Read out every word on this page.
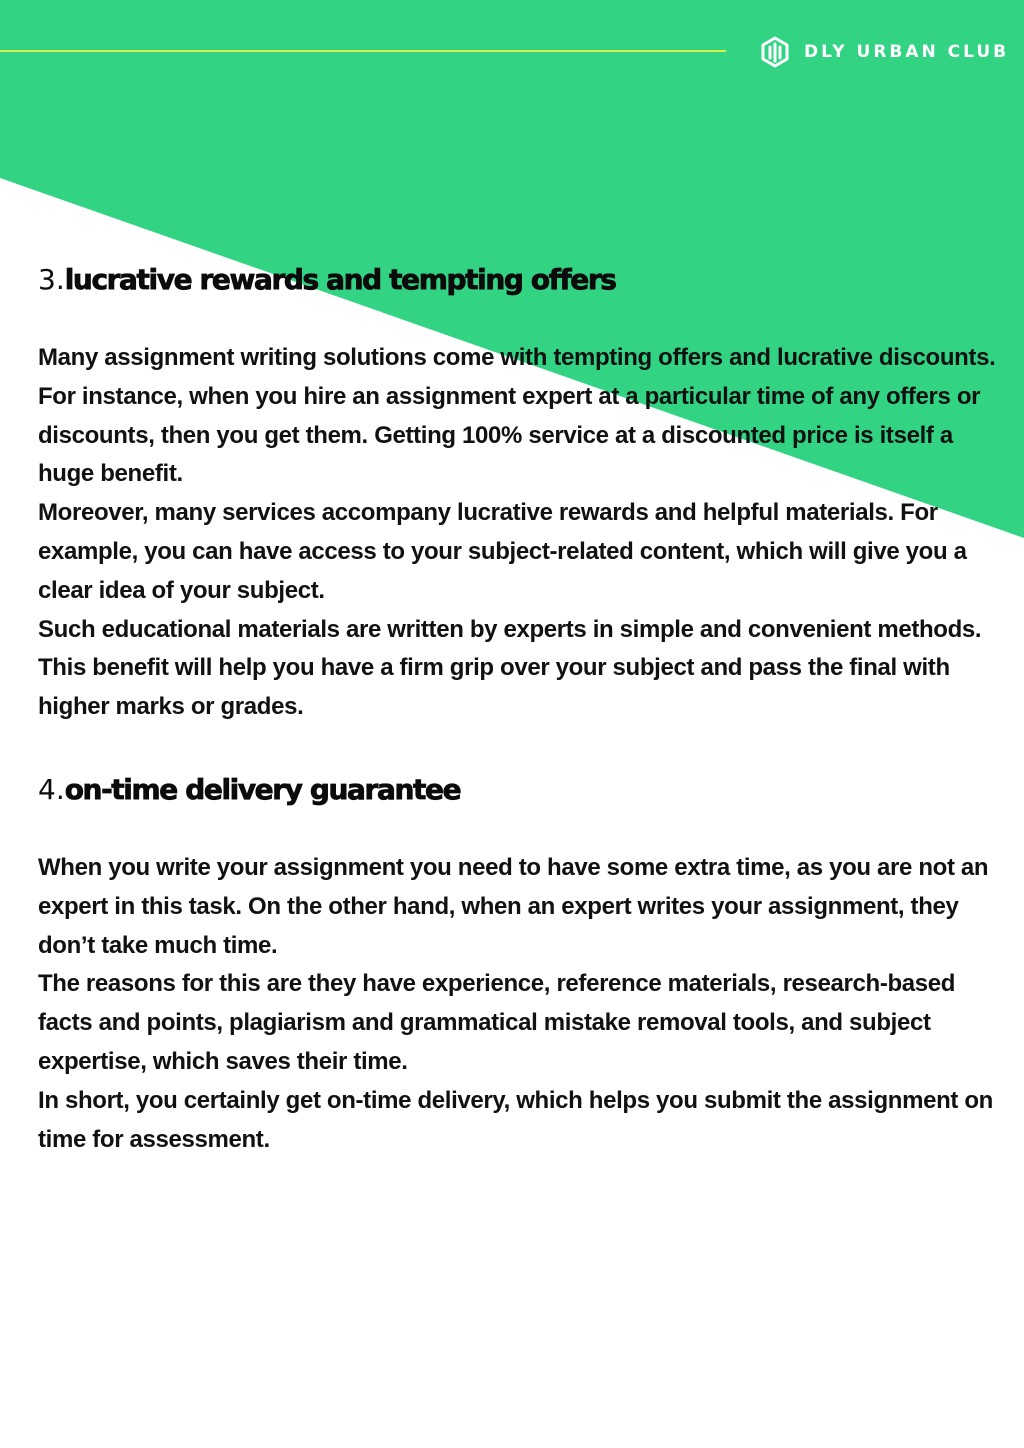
DLY URBAN CLUB
3.lucrative rewards and tempting offers

Many assignment writing solutions come with tempting offers and lucrative discounts. For instance, when you hire an assignment expert at a particular time of any offers or discounts, then you get them. Getting 100% service at a discounted price is itself a huge benefit.

Moreover, many services accompany lucrative rewards and helpful materials. For example, you can have access to your subject-related content, which will give you a clear idea of your subject.

Such educational materials are written by experts in simple and convenient methods. This benefit will help you have a firm grip over your subject and pass the final with higher marks or grades.

4.on-time delivery guarantee

When you write your assignment you need to have some extra time, as you are not an expert in this task. On the other hand, when an expert writes your assignment, they don’t take much time.

The reasons for this are they have experience, reference materials, research-based facts and points, plagiarism and grammatical mistake removal tools, and subject expertise, which saves their time.

In short, you certainly get on-time delivery, which helps you submit the assignment on time for assessment.
